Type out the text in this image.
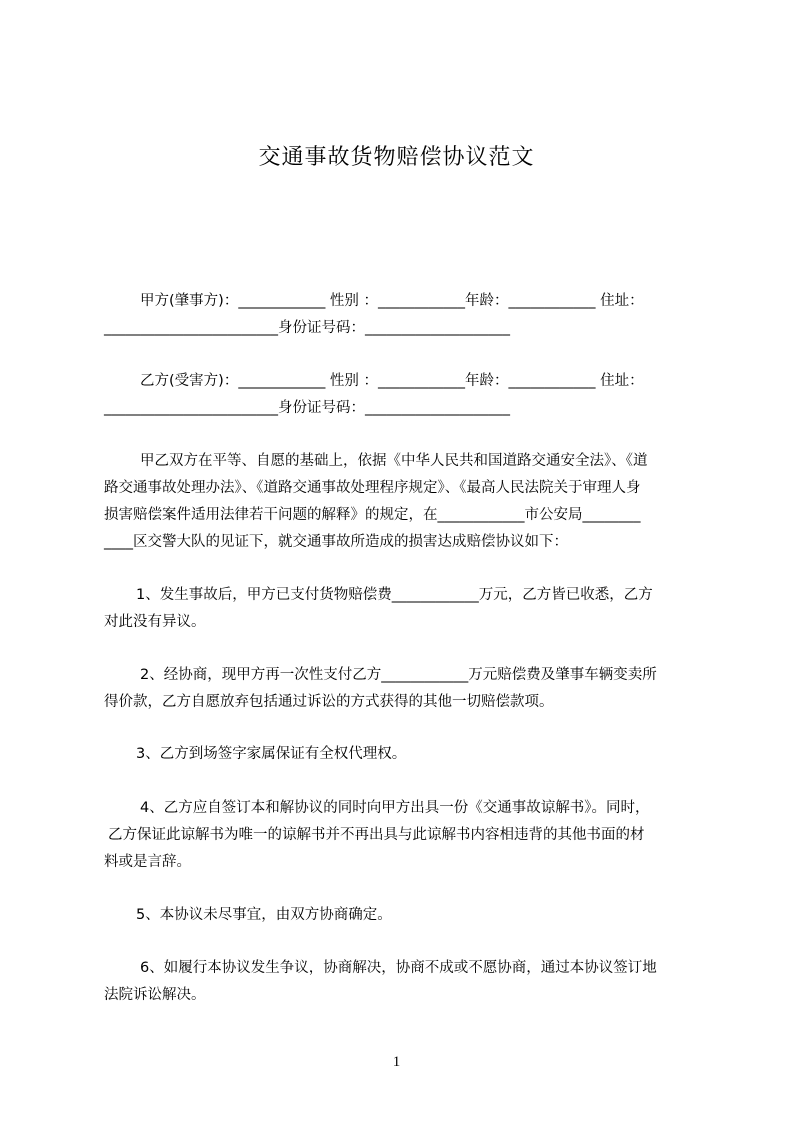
交通事故货物赔偿协议范文
甲方(肇事方)：____________ 性别 ：____________年龄：____________ 住址：
________________________身份证号码：____________________
乙方(受害方)：____________ 性别 ：____________年龄：____________ 住址：
________________________身份证号码：____________________
甲乙双方在平等、自愿的基础上，依据《中华人民共和国道路交通安全法》、《道
路交通事故处理办法》、《道路交通事故处理程序规定》、《最高人民法院关于审理人身
损害赔偿案件适用法律若干问题的解释》的规定，在____________市公安局________
____区交警大队的见证下，就交通事故所造成的损害达成赔偿协议如下：
1、发生事故后，甲方已支付货物赔偿费____________万元，乙方皆已收悉，乙方
对此没有异议。
2、经协商，现甲方再一次性支付乙方____________万元赔偿费及肇事车辆变卖所
得价款，乙方自愿放弃包括通过诉讼的方式获得的其他一切赔偿款项。
3、乙方到场签字家属保证有全权代理权。
4、乙方应自签订本和解协议的同时向甲方出具一份《交通事故谅解书》。同时，
乙方保证此谅解书为唯一的谅解书并不再出具与此谅解书内容相违背的其他书面的材
料或是言辞。
5、本协议未尽事宜，由双方协商确定。
6、如履行本协议发生争议，协商解决，协商不成或不愿协商，通过本协议签订地
法院诉讼解决。
1
